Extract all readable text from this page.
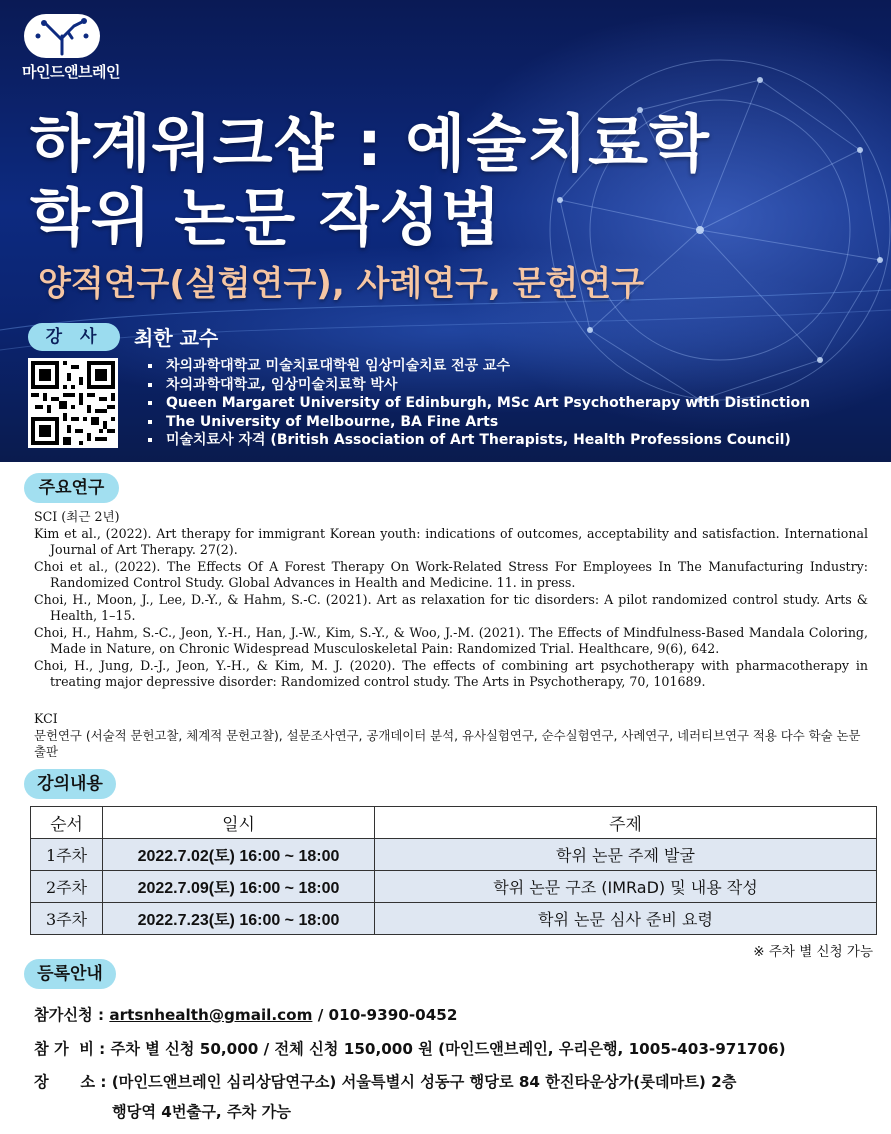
마인드앤브레인
하계워크샵 : 예술치료학
학위 논문 작성법
양적연구(실험연구), 사례연구, 문헌연구
강 사	최한 교수
차의과학대학교 미술치료대학원 임상미술치료 전공 교수
차의과학대학교, 임상미술치료학 박사
Queen Margaret University of Edinburgh, MSc Art Psychotherapy with Distinction
The University of Melbourne, BA Fine Arts
미술치료사 자격 (British Association of Art Therapists, Health Professions Council)
주요연구
SCI (최근 2년)
Kim et al., (2022). Art therapy for immigrant Korean youth: indications of outcomes, acceptability and satisfaction. International Journal of Art Therapy. 27(2).
Choi et al., (2022). The Effects Of A Forest Therapy On Work-Related Stress For Employees In The Manufacturing Industry: Randomized Control Study. Global Advances in Health and Medicine. 11. in press.
Choi, H., Moon, J., Lee, D.-Y., & Hahm, S.-C. (2021). Art as relaxation for tic disorders: A pilot randomized control study. Arts & Health, 1–15.
Choi, H., Hahm, S.-C., Jeon, Y.-H., Han, J.-W., Kim, S.-Y., & Woo, J.-M. (2021). The Effects of Mindfulness-Based Mandala Coloring, Made in Nature, on Chronic Widespread Musculoskeletal Pain: Randomized Trial. Healthcare, 9(6), 642.
Choi, H., Jung, D.-J., Jeon, Y.-H., & Kim, M. J. (2020). The effects of combining art psychotherapy with pharmacotherapy in treating major depressive disorder: Randomized control study. The Arts in Psychotherapy, 70, 101689.
KCI
문헌연구 (서술적 문헌고찰, 체계적 문헌고찰), 설문조사연구, 공개데이터 분석, 유사실험연구, 순수실험연구, 사례연구, 네러티브연구 적용 다수 학술 논문 출판
강의내용
순서	일시	주제
1주차	2022.7.02(토) 16:00 ~ 18:00	학위 논문 주제 발굴
2주차	2022.7.09(토) 16:00 ~ 18:00	학위 논문 구조 (IMRaD) 및 내용 작성
3주차	2022.7.23(토) 16:00 ~ 18:00	학위 논문 심사 준비 요령
※ 주차 별 신청 가능
등록안내
참가신청 : artsnhealth@gmail.com / 010-9390-0452
참 가  비 : 주차 별 신청 50,000 / 전체 신청 150,000 원 (마인드앤브레인, 우리은행, 1005-403-971706)
장      소 : (마인드앤브레인 심리상담연구소) 서울특별시 성동구 행당로 84 한진타운상가(롯데마트) 2층
행당역 4번출구, 주차 가능
